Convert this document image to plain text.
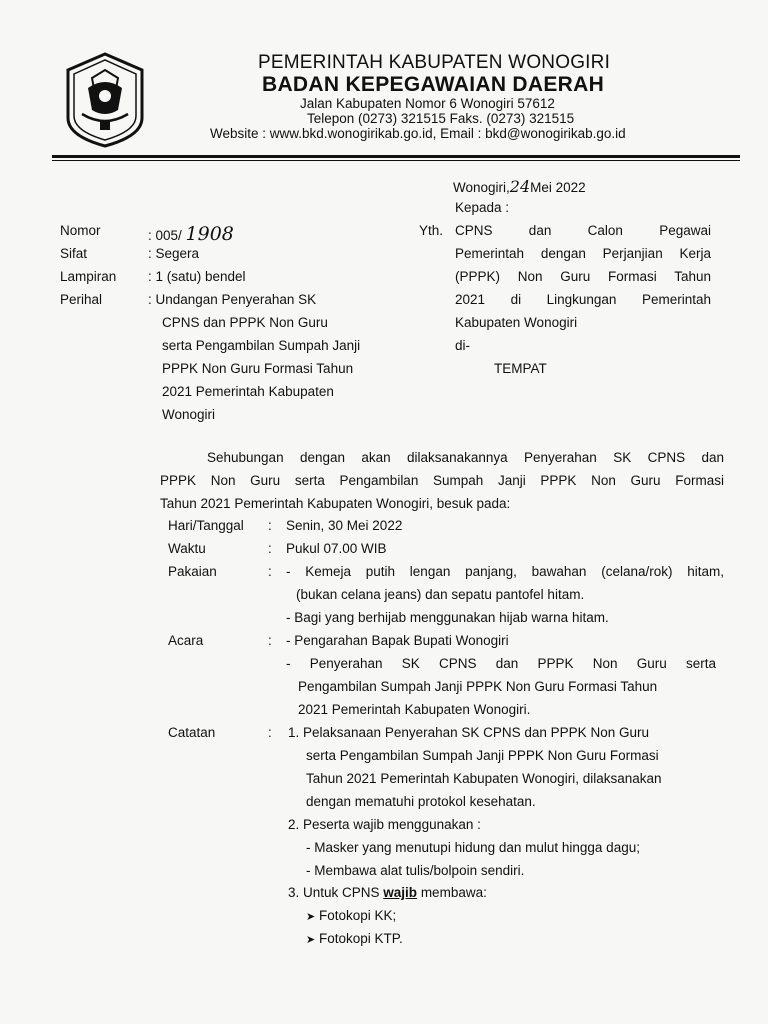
PEMERINTAH KABUPATEN WONOGIRI
BADAN KEPEGAWAIAN DAERAH
Jalan Kabupaten Nomor 6 Wonogiri 57612
Telepon (0273) 321515 Faks. (0273) 321515
Website : www.bkd.wonogirikab.go.id, Email : bkd@wonogirikab.go.id
Wonogiri,24Mei 2022
Kepada :
Nomor	: 005/ 1908
Sifat	: Segera
Lampiran : 1 (satu) bendel
Perihal	: Undangan Penyerahan SK
CPNS dan PPPK Non Guru
serta Pengambilan Sumpah Janji
PPPK Non Guru Formasi Tahun
2021 Pemerintah Kabupaten
Wonogiri
Yth. CPNS dan Calon Pegawai
Pemerintah dengan Perjanjian Kerja
(PPPK) Non Guru Formasi Tahun
2021 di Lingkungan Pemerintah
Kabupaten Wonogiri
di-
TEMPAT
Sehubungan dengan akan dilaksanakannya Penyerahan SK CPNS dan
PPPK Non Guru serta Pengambilan Sumpah Janji PPPK Non Guru Formasi
Tahun 2021 Pemerintah Kabupaten Wonogiri, besuk pada:
Hari/Tanggal : Senin, 30 Mei 2022
Waktu	: Pukul 07.00 WIB
Pakaian	: - Kemeja putih lengan panjang, bawahan (celana/rok) hitam,
(bukan celana jeans) dan sepatu pantofel hitam.
- Bagi yang berhijab menggunakan hijab warna hitam.
Acara	: - Pengarahan Bapak Bupati Wonogiri
- Penyerahan SK CPNS dan PPPK Non Guru serta
Pengambilan Sumpah Janji PPPK Non Guru Formasi Tahun
2021 Pemerintah Kabupaten Wonogiri.
Catatan	: 1. Pelaksanaan Penyerahan SK CPNS dan PPPK Non Guru
serta Pengambilan Sumpah Janji PPPK Non Guru Formasi
Tahun 2021 Pemerintah Kabupaten Wonogiri, dilaksanakan
dengan mematuhi protokol kesehatan.
2. Peserta wajib menggunakan :
- Masker yang menutupi hidung dan mulut hingga dagu;
- Membawa alat tulis/bolpoin sendiri.
3. Untuk CPNS wajib membawa:
➤ Fotokopi KK;
➤ Fotokopi KTP.
